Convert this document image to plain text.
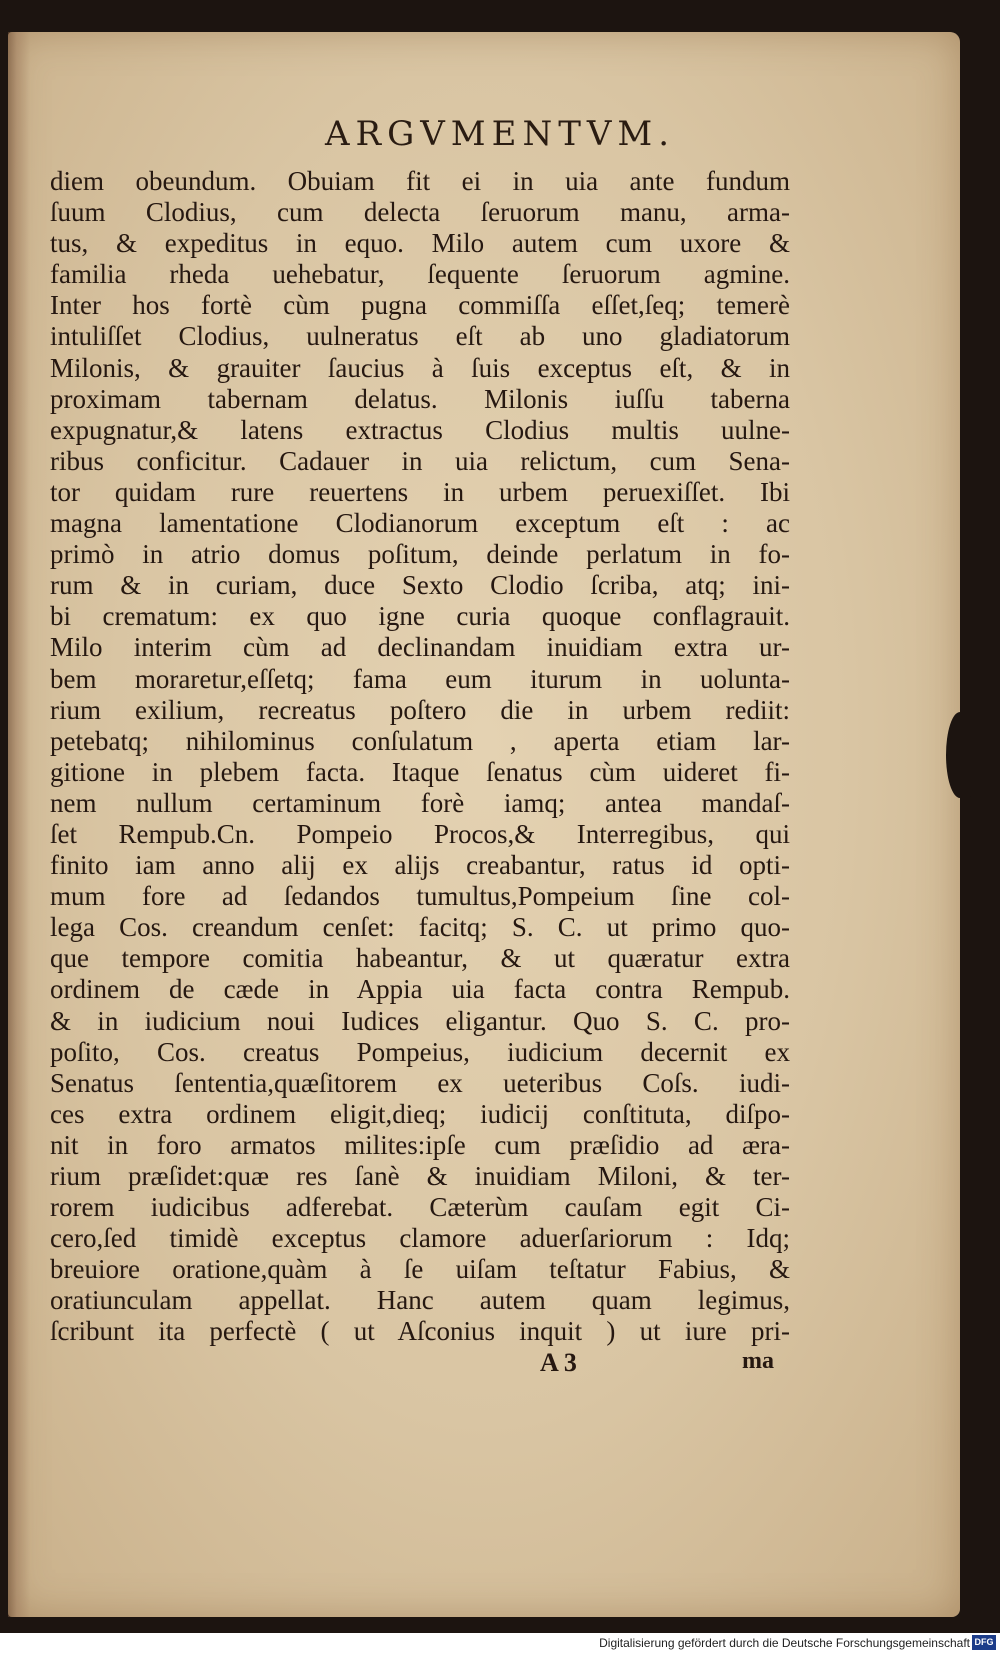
ARGVMENTVM.
diem obeundum. Obuiam fit ei in uia ante fundum
ſuum Clodius, cum delecta ſeruorum manu, arma-
tus, & expeditus in equo. Milo autem cum uxore &
familia rheda uehebatur, ſequente ſeruorum agmine.
Inter hos fortè cùm pugna commiſſa eſſet,ſeq; temerè
intuliſſet Clodius, uulneratus eſt ab uno gladiatorum
Milonis, & grauiter ſaucius à ſuis exceptus eſt, & in
proximam tabernam delatus. Milonis iuſſu taberna
expugnatur,& latens extractus Clodius multis uulne-
ribus conficitur. Cadauer in uia relictum, cum Sena-
tor quidam rure reuertens in urbem peruexiſſet. Ibi
magna lamentatione Clodianorum exceptum eſt : ac
primò in atrio domus poſitum, deinde perlatum in fo-
rum & in curiam, duce Sexto Clodio ſcriba, atq; ini-
bi crematum: ex quo igne curia quoque conflagrauit.
Milo interim cùm ad declinandam inuidiam extra ur-
bem moraretur,eſſetq; fama eum iturum in uolunta-
rium exilium, recreatus poſtero die in urbem rediit:
petebatq; nihilominus conſulatum , aperta etiam lar-
gitione in plebem facta. Itaque ſenatus cùm uideret fi-
nem nullum certaminum forè iamq; antea mandaſ-
ſet Rempub.Cn. Pompeio Procos,& Interregibus, qui
finito iam anno alij ex alijs creabantur, ratus id opti-
mum fore ad ſedandos tumultus,Pompeium ſine col-
lega Cos. creandum cenſet: facitq; S. C. ut primo quo-
que tempore comitia habeantur, & ut quæratur extra
ordinem de cæde in Appia uia facta contra Rempub.
& in iudicium noui Iudices eligantur. Quo S. C. pro-
poſito, Cos. creatus Pompeius, iudicium decernit ex
Senatus ſententia,quæſitorem ex ueteribus Coſs. iudi-
ces extra ordinem eligit,dieq; iudicij conſtituta, diſpo-
nit in foro armatos milites:ipſe cum præſidio ad æra-
rium præſidet:quæ res ſanè & inuidiam Miloni, & ter-
rorem iudicibus adferebat. Cæterùm cauſam egit Ci-
cero,ſed timidè exceptus clamore aduerſariorum : Idq;
breuiore oratione,quàm à ſe uiſam teſtatur Fabius, &
oratiunculam appellat. Hanc autem quam legimus,
ſcribunt ita perfectè ( ut Aſconius inquit ) ut iure pri-
A 3	ma
Digitalisierung gefördert durch die Deutsche Forschungsgemeinschaft DFG
